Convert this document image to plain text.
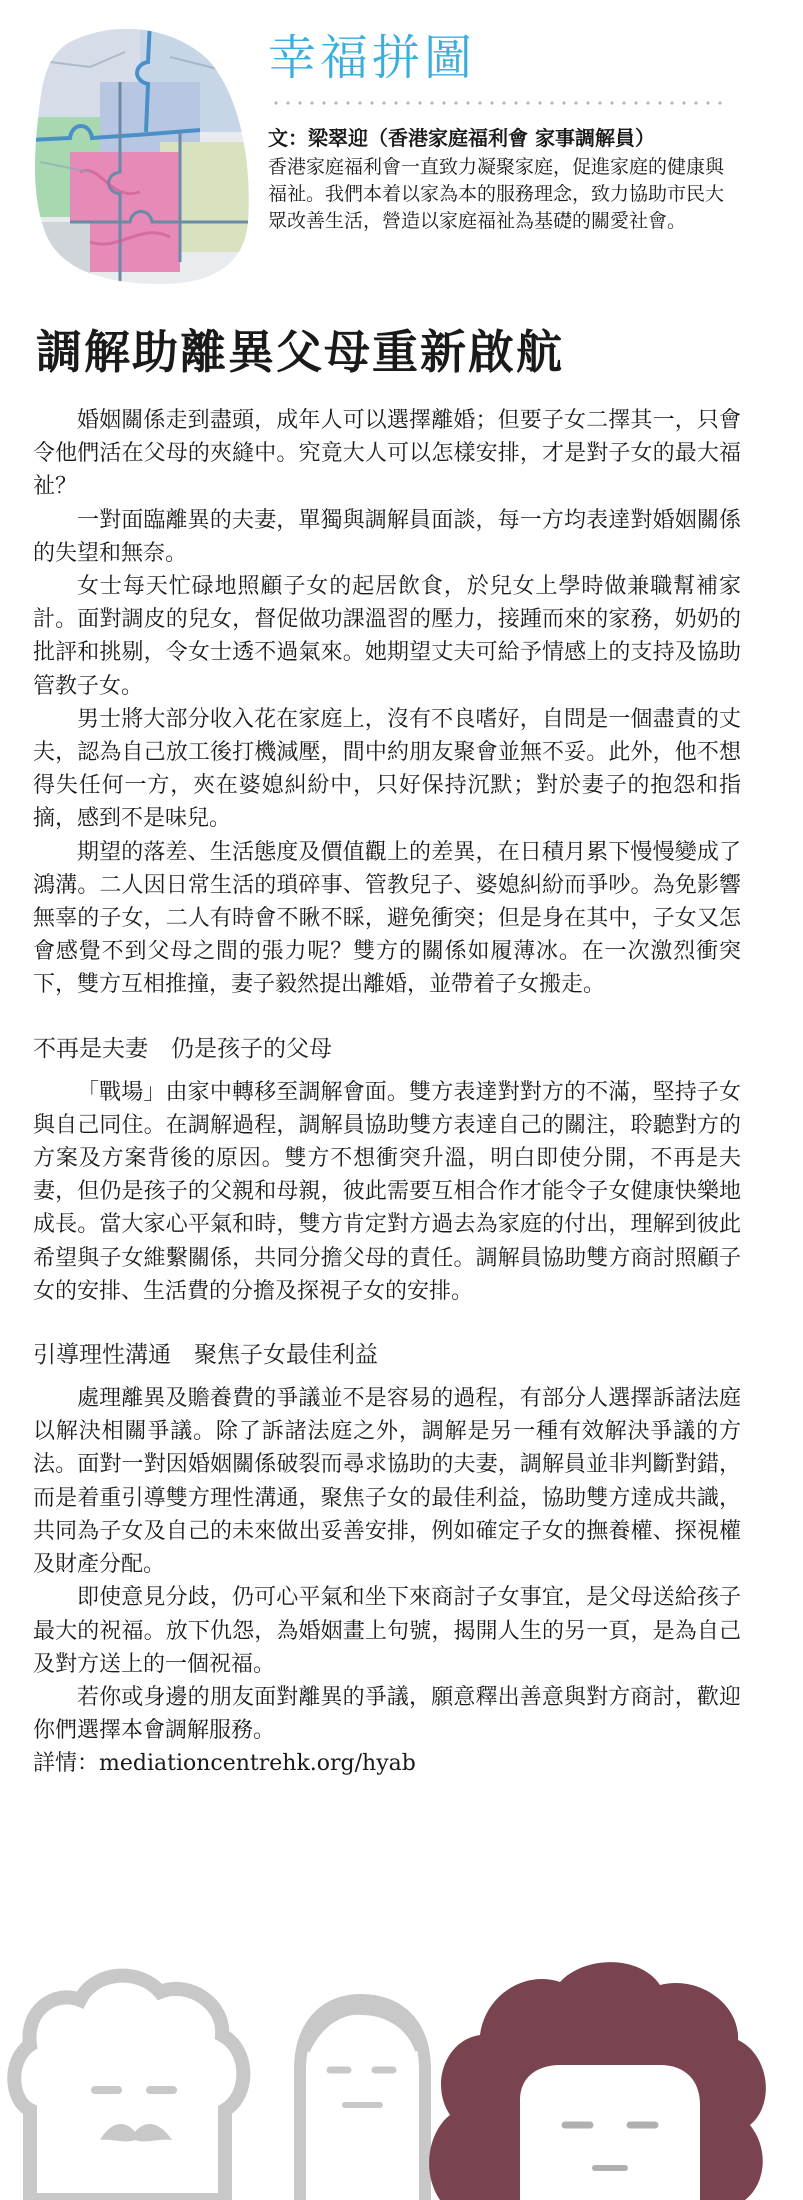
幸福拼圖
文：梁翠迎（香港家庭福利會 家事調解員）
香港家庭福利會一直致力凝聚家庭，促進家庭的健康與福祉。我們本着以家為本的服務理念，致力協助市民大眾改善生活，營造以家庭福祉為基礎的關愛社會。
調解助離異父母重新啟航

婚姻關係走到盡頭，成年人可以選擇離婚；但要子女二擇其一，只會令他們活在父母的夾縫中。究竟大人可以怎樣安排，才是對子女的最大福祉？

一對面臨離異的夫妻，單獨與調解員面談，每一方均表達對婚姻關係的失望和無奈。

女士每天忙碌地照顧子女的起居飲食，於兒女上學時做兼職幫補家計。面對調皮的兒女，督促做功課溫習的壓力，接踵而來的家務，奶奶的批評和挑剔，令女士透不過氣來。她期望丈夫可給予情感上的支持及協助管教子女。

男士將大部分收入花在家庭上，沒有不良嗜好，自問是一個盡責的丈夫，認為自己放工後打機減壓，間中約朋友聚會並無不妥。此外，他不想得失任何一方，夾在婆媳糾紛中，只好保持沉默；對於妻子的抱怨和指摘，感到不是味兒。

期望的落差、生活態度及價值觀上的差異，在日積月累下慢慢變成了鴻溝。二人因日常生活的瑣碎事、管教兒子、婆媳糾紛而爭吵。為免影響無辜的子女，二人有時會不瞅不睬，避免衝突；但是身在其中，子女又怎會感覺不到父母之間的張力呢？雙方的關係如履薄冰。在一次激烈衝突下，雙方互相推撞，妻子毅然提出離婚，並帶着子女搬走。

不再是夫妻　仍是孩子的父母

「戰場」由家中轉移至調解會面。雙方表達對對方的不滿，堅持子女與自己同住。在調解過程，調解員協助雙方表達自己的關注，聆聽對方的方案及方案背後的原因。雙方不想衝突升溫，明白即使分開，不再是夫妻，但仍是孩子的父親和母親，彼此需要互相合作才能令子女健康快樂地成長。當大家心平氣和時，雙方肯定對方過去為家庭的付出，理解到彼此希望與子女維繫關係，共同分擔父母的責任。調解員協助雙方商討照顧子女的安排、生活費的分擔及探視子女的安排。

引導理性溝通　聚焦子女最佳利益

處理離異及贍養費的爭議並不是容易的過程，有部分人選擇訴諸法庭以解決相關爭議。除了訴諸法庭之外，調解是另一種有效解決爭議的方法。面對一對因婚姻關係破裂而尋求協助的夫妻，調解員並非判斷對錯，而是着重引導雙方理性溝通，聚焦子女的最佳利益，協助雙方達成共識，共同為子女及自己的未來做出妥善安排，例如確定子女的撫養權、探視權及財產分配。

即使意見分歧，仍可心平氣和坐下來商討子女事宜，是父母送給孩子最大的祝福。放下仇怨，為婚姻畫上句號，揭開人生的另一頁，是為自己及對方送上的一個祝福。

若你或身邊的朋友面對離異的爭議，願意釋出善意與對方商討，歡迎你們選擇本會調解服務。

詳情：mediationcentrehk.org/hyab
